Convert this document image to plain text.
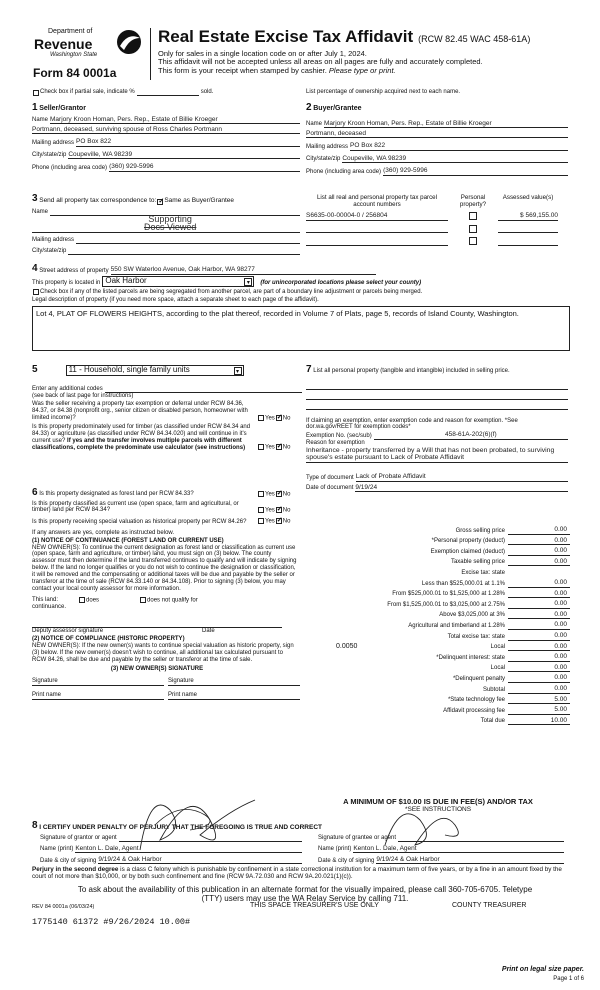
Department of
Revenue
Washington State
Form 84 0001a
Real Estate Excise Tax Affidavit (RCW 82.45 WAC 458-61A)
Only for sales in a single location code on or after July 1, 2024.
This affidavit will not be accepted unless all areas on all pages are fully and accurately completed.
This form is your receipt when stamped by cashier. Please type or print.
Check box if partial sale, indicate %	sold.	List percentage of ownership acquired next to each name.
1 Seller/Grantor
Name Marjory Kroon Homan, Pers. Rep., Estate of Billie Kroeger
Portmann, deceased, surviving spouse of Ross Charles Portmann
Mailing address PO Box 822
City/state/zip Coupeville, WA 98239
Phone (including area code) (360) 929-5996
2 Buyer/Grantee
Name Marjory Kroon Homan, Pers. Rep., Estate of Billie Kroeger
Portmann, deceased
Mailing address PO Box 822
City/state/zip Coupeville, WA 98239
Phone (including area code) (360) 929-5996
3
Send all property tax correspondence to: ✓ Same as Buyer/Grantee
Name
Mailing address
City/state/zip
Supporting
Docs Viewed
List all real and personal property tax parcel account numbers
Personal property?
Assessed value(s)
S6635-00-00004-0 / 256804	$ 569,155.00
4
Street address of property 550 SW Waterloo Avenue, Oak Harbor, WA 98277
This property is located in Oak Harbor	▾	(for unincorporated locations please select your county)
Check box if any of the listed parcels are being segregated from another parcel, are part of a boundary line adjustment or parcels being merged.
Legal description of property (if you need more space, attach a separate sheet to each page of the affidavit).
Lot 4, PLAT OF FLOWERS HEIGHTS, according to the plat thereof, recorded in Volume 7 of Plats, page 5, records of Island County, Washington.
5	11 - Household, single family units	▾
Enter any additional codes
(see back of last page for instructions)
Was the seller receiving a property tax exemption or deferral under RCW 84.36, 84.37, or 84.38 (nonprofit org., senior citizen or disabled person, homeowner with limited income)?	Yes ✓ No
Is this property predominately used for timber (as classified under RCW 84.34 and 84.33) or agriculture (as classified under RCW 84.34.020) and will continue in it's current use? If yes and the transfer involves multiple parcels with different classifications, complete the predominate use calculator (see instructions)	Yes ✓ No
6 Is this property designated as forest land per RCW 84.33?	Yes ✓ No
Is this property classified as current use (open space, farm and agricultural, or timber) land per RCW 84.34?	Yes ✓ No
Is this property receiving special valuation as historical property per RCW 84.26?	Yes ✓ No
If any answers are yes, complete as instructed below.
(1) NOTICE OF CONTINUANCE (FOREST LAND OR CURRENT USE)
NEW OWNER(S): To continue the current designation as forest land or classification as current use (open space, farm and agriculture, or timber) land, you must sign on (3) below. The county assessor must then determine if the land transferred continues to qualify and will indicate by signing below. If the land no longer qualifies or you do not wish to continue the designation or classification, it will be removed and the compensating or additional taxes will be due and payable by the seller or transferor at the time of sale (RCW 84.33.140 or 84.34.108). Prior to signing (3) below, you may contact your local county assessor for more information.
This land:	does	does not qualify for
continuance.
Deputy assessor signature	Date
(2) NOTICE OF COMPLIANCE (HISTORIC PROPERTY)
NEW OWNER(S): If the new owner(s) wants to continue special valuation as historic property, sign (3) below. If the new owner(s) doesn't wish to continue, all additional tax calculated pursuant to RCW 84.26, shall be due and payable by the seller or transferor at the time of sale.
(3) NEW OWNER(S) SIGNATURE
Signature	Signature
Print name	Print name
7 List all personal property (tangible and intangible) included in selling price.
If claiming an exemption, enter exemption code and reason for exemption. *See dor.wa.gov/REET for exemption codes*
Exemption No. (sec/sub)	458-61A-202(6)(f)
Reason for exemption
Inheritance - property transferred by a Will that has not been probated, to surviving spouse's estate pursuant to Lack of Probate Affidavit
Type of document Lack of Probate Affidavit
Date of document 9/19/24
Gross selling price	0.00
*Personal property (deduct)	0.00
Exemption claimed (deduct)	0.00
Taxable selling price	0.00
Excise tax: state
Less than $525,000.01 at 1.1%	0.00
From $525,000.01 to $1,525,000 at 1.28%	0.00
From $1,525,000.01 to $3,025,000 at 2.75%	0.00
Above $3,025,000 at 3%	0.00
Agricultural and timberland at 1.28%	0.00
Total excise tax: state	0.00
0.0050	Local	0.00
*Delinquent interest: state	0.00
Local	0.00
*Delinquent penalty	0.00
Subtotal	0.00
*State technology fee	5.00
Affidavit processing fee	5.00
Total due	10.00
A MINIMUM OF $10.00 IS DUE IN FEE(S) AND/OR TAX
*SEE INSTRUCTIONS
8
I CERTIFY UNDER PENALTY OF PERJURY THAT THE FOREGOING IS TRUE AND CORRECT
Signature of grantor or agent
Name (print) Kenton L. Dale, Agent
Date & city of signing 9/19/24 & Oak Harbor
Signature of grantee or agent
Name (print) Kenton L. Dale, Agent
Date & city of signing 9/19/24 & Oak Harbor
Perjury in the second degree is a class C felony which is punishable by confinement in a state correctional institution for a maximum term of five years, or by a fine in an amount fixed by the court of not more than $10,000, or by both such confinement and fine (RCW 9A.72.030 and RCW 9A.20.021(1)(c)).
To ask about the availability of this publication in an alternate format for the visually impaired, please call 360-705-6705. Teletype
(TTY) users may use the WA Relay Service by calling 711.
REV 84 0001a (06/03/24)	THIS SPACE TREASURER'S USE ONLY	COUNTY TREASURER
1775140 61372 #9/26/2024 10.00#
Print on legal size paper.
Page 1 of 6
